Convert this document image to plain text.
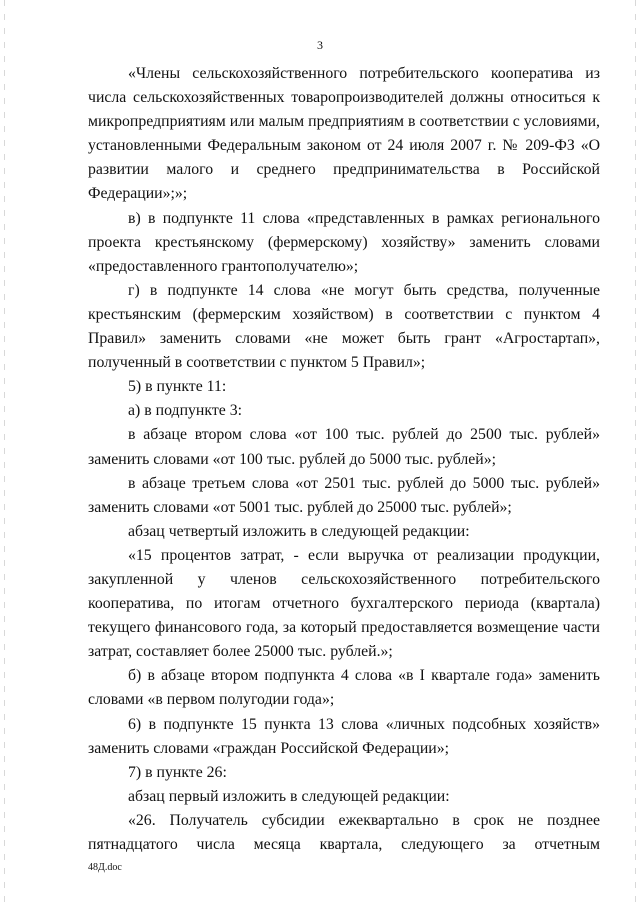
3

«Члены сельскохозяйственного потребительского кооператива из числа сельскохозяйственных товаропроизводителей должны относиться к микропредприятиям или малым предприятиям в соответствии с условиями, установленными Федеральным законом от 24 июля 2007 г. № 209-ФЗ «О развитии малого и среднего предпринимательства в Российской Федерации»;»;

в) в подпункте 11 слова «представленных в рамках регионального проекта крестьянскому (фермерскому) хозяйству» заменить словами «предоставленного грантополучателю»;

г) в подпункте 14 слова «не могут быть средства, полученные крестьянским (фермерским хозяйством) в соответствии с пунктом 4 Правил» заменить словами «не может быть грант «Агростартап», полученный в соответствии с пунктом 5 Правил»;

5) в пункте 11:

а) в подпункте 3:

в абзаце втором слова «от 100 тыс. рублей до 2500 тыс. рублей» заменить словами «от 100 тыс. рублей до 5000 тыс. рублей»;

в абзаце третьем слова «от 2501 тыс. рублей до 5000 тыс. рублей» заменить словами «от 5001 тыс. рублей до 25000 тыс. рублей»;

абзац четвертый изложить в следующей редакции:

«15 процентов затрат, - если выручка от реализации продукции, закупленной у членов сельскохозяйственного потребительского кооператива, по итогам отчетного бухгалтерского периода (квартала) текущего финансового года, за который предоставляется возмещение части затрат, составляет более 25000 тыс. рублей.»;

б) в абзаце втором подпункта 4 слова «в I квартале года» заменить словами «в первом полугодии года»;

6) в подпункте 15 пункта 13 слова «личных подсобных хозяйств» заменить словами «граждан Российской Федерации»;

7) в пункте 26:

абзац первый изложить в следующей редакции:

«26. Получатель субсидии ежеквартально в срок не позднее пятнадцатого числа месяца квартала, следующего за отчетным

48Д.doc
